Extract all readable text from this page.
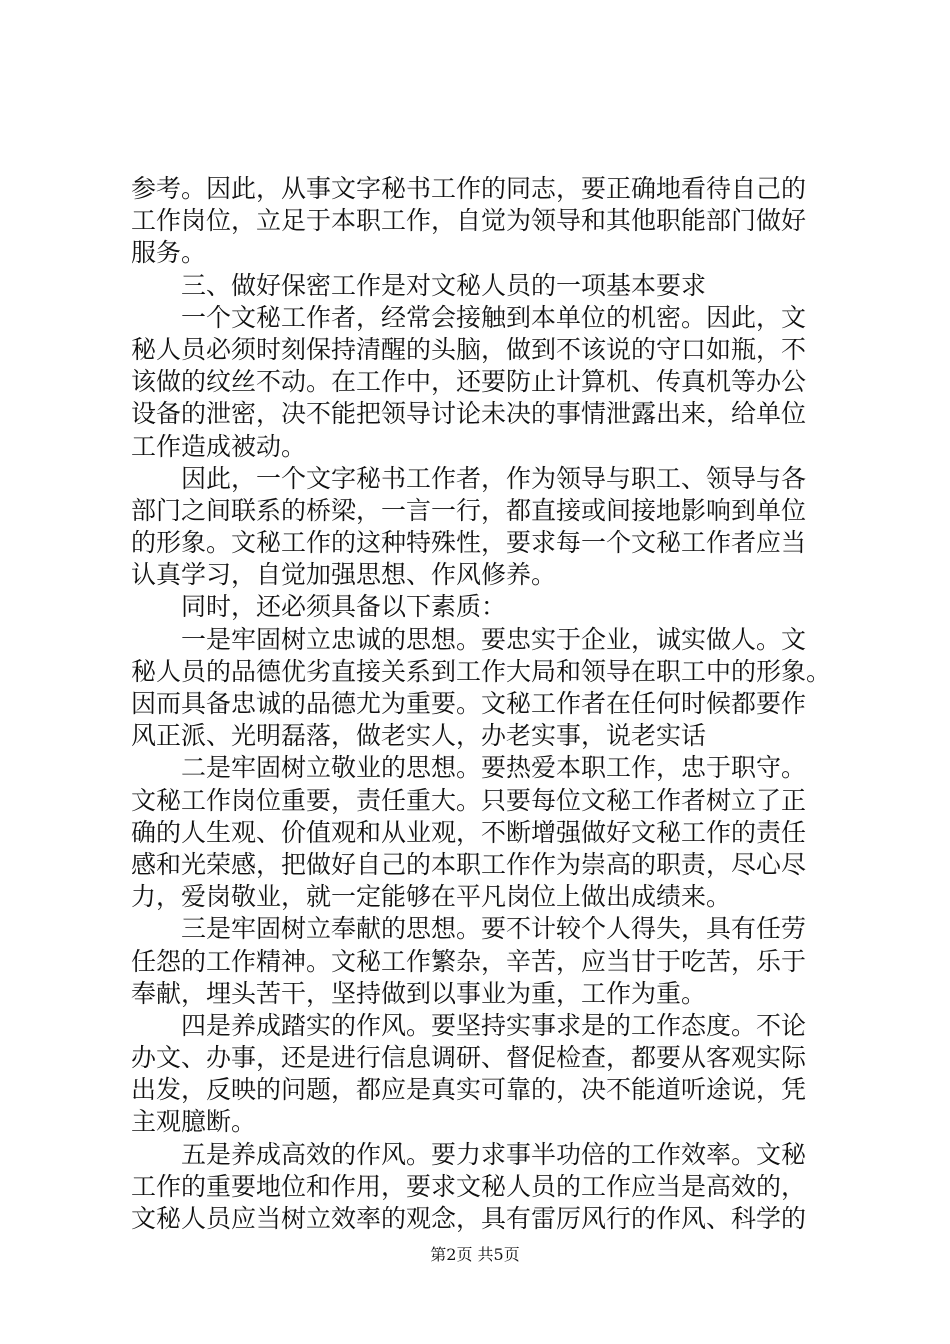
参考。因此，从事文字秘书工作的同志，要正确地看待自己的
工作岗位，立足于本职工作，自觉为领导和其他职能部门做好
服务。
三、做好保密工作是对文秘人员的一项基本要求
一个文秘工作者，经常会接触到本单位的机密。因此，文
秘人员必须时刻保持清醒的头脑，做到不该说的守口如瓶，不
该做的纹丝不动。在工作中，还要防止计算机、传真机等办公
设备的泄密，决不能把领导讨论未决的事情泄露出来，给单位
工作造成被动。
因此，一个文字秘书工作者，作为领导与职工、领导与各
部门之间联系的桥梁，一言一行，都直接或间接地影响到单位
的形象。文秘工作的这种特殊性，要求每一个文秘工作者应当
认真学习，自觉加强思想、作风修养。
同时，还必须具备以下素质：
一是牢固树立忠诚的思想。要忠实于企业，诚实做人。文
秘人员的品德优劣直接关系到工作大局和领导在职工中的形象。
因而具备忠诚的品德尤为重要。文秘工作者在任何时候都要作
风正派、光明磊落，做老实人，办老实事，说老实话
二是牢固树立敬业的思想。要热爱本职工作，忠于职守。
文秘工作岗位重要，责任重大。只要每位文秘工作者树立了正
确的人生观、价值观和从业观，不断增强做好文秘工作的责任
感和光荣感，把做好自己的本职工作作为崇高的职责，尽心尽
力，爱岗敬业，就一定能够在平凡岗位上做出成绩来。
三是牢固树立奉献的思想。要不计较个人得失，具有任劳
任怨的工作精神。文秘工作繁杂，辛苦，应当甘于吃苦，乐于
奉献，埋头苦干，坚持做到以事业为重，工作为重。
四是养成踏实的作风。要坚持实事求是的工作态度。不论
办文、办事，还是进行信息调研、督促检查，都要从客观实际
出发，反映的问题，都应是真实可靠的，决不能道听途说，凭
主观臆断。
五是养成高效的作风。要力求事半功倍的工作效率。文秘
工作的重要地位和作用，要求文秘人员的工作应当是高效的，
文秘人员应当树立效率的观念，具有雷厉风行的作风、科学的
第2页 共5页
